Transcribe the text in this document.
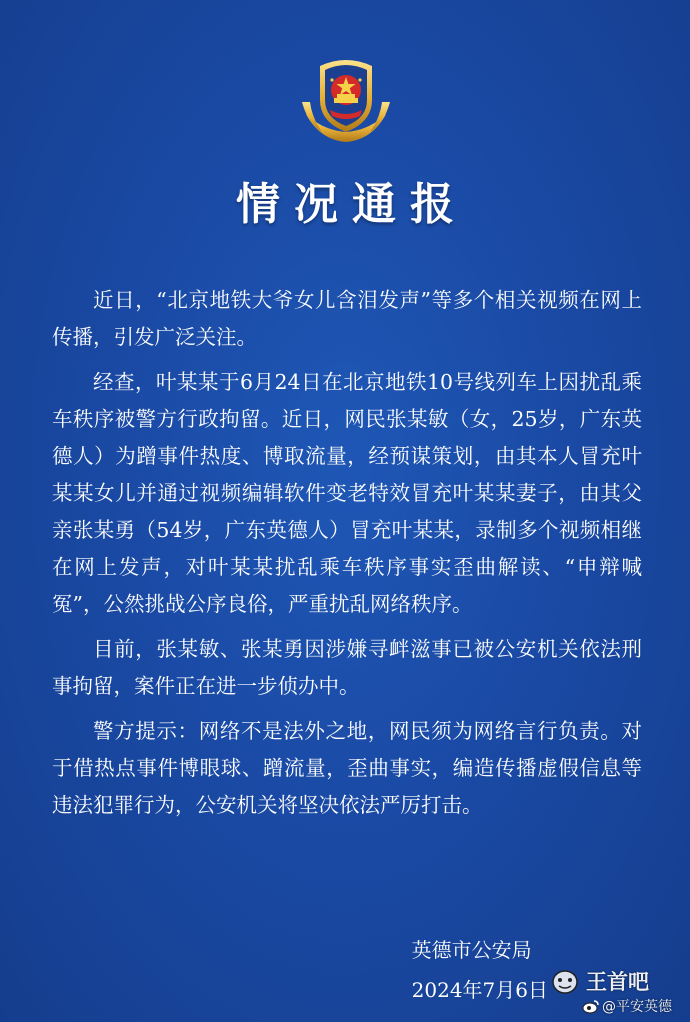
情况通报

近日，“北京地铁大爷女儿含泪发声”等多个相关视频在网上传播，引发广泛关注。

经查，叶某某于6月24日在北京地铁10号线列车上因扰乱乘车秩序被警方行政拘留。近日，网民张某敏（女，25岁，广东英德人）为蹭事件热度、博取流量，经预谋策划，由其本人冒充叶某某女儿并通过视频编辑软件变老特效冒充叶某某妻子，由其父亲张某勇（54岁，广东英德人）冒充叶某某，录制多个视频相继在网上发声，对叶某某扰乱乘车秩序事实歪曲解读、“申辩喊冤”，公然挑战公序良俗，严重扰乱网络秩序。

目前，张某敏、张某勇因涉嫌寻衅滋事已被公安机关依法刑事拘留，案件正在进一步侦办中。

警方提示：网络不是法外之地，网民须为网络言行负责。对于借热点事件博眼球、蹭流量，歪曲事实，编造传播虚假信息等违法犯罪行为，公安机关将坚决依法严厉打击。

英德市公安局
2024年7月6日 王首吧
@平安英德
